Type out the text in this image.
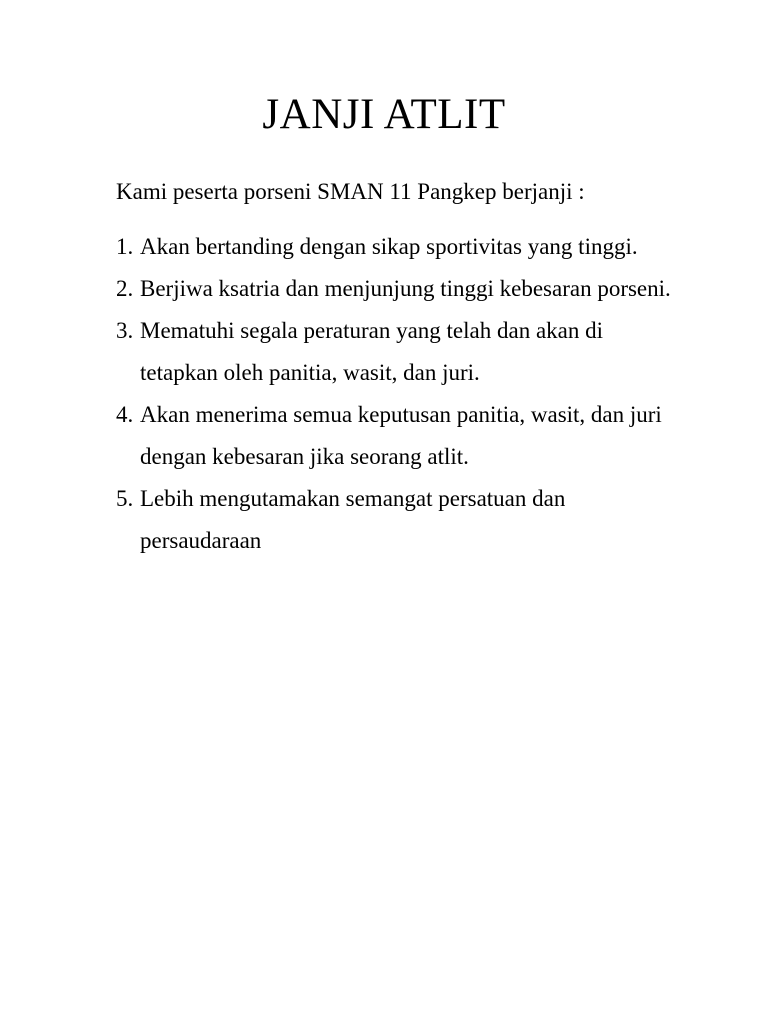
JANJI ATLIT

Kami peserta porseni SMAN 11 Pangkep berjanji :

1. Akan bertanding dengan sikap sportivitas yang tinggi.
2. Berjiwa ksatria dan menjunjung tinggi kebesaran porseni.
3. Mematuhi segala peraturan yang telah dan akan di tetapkan oleh panitia, wasit, dan juri.
4. Akan menerima semua keputusan panitia, wasit, dan juri dengan kebesaran jika seorang atlit.
5. Lebih mengutamakan semangat persatuan dan persaudaraan
